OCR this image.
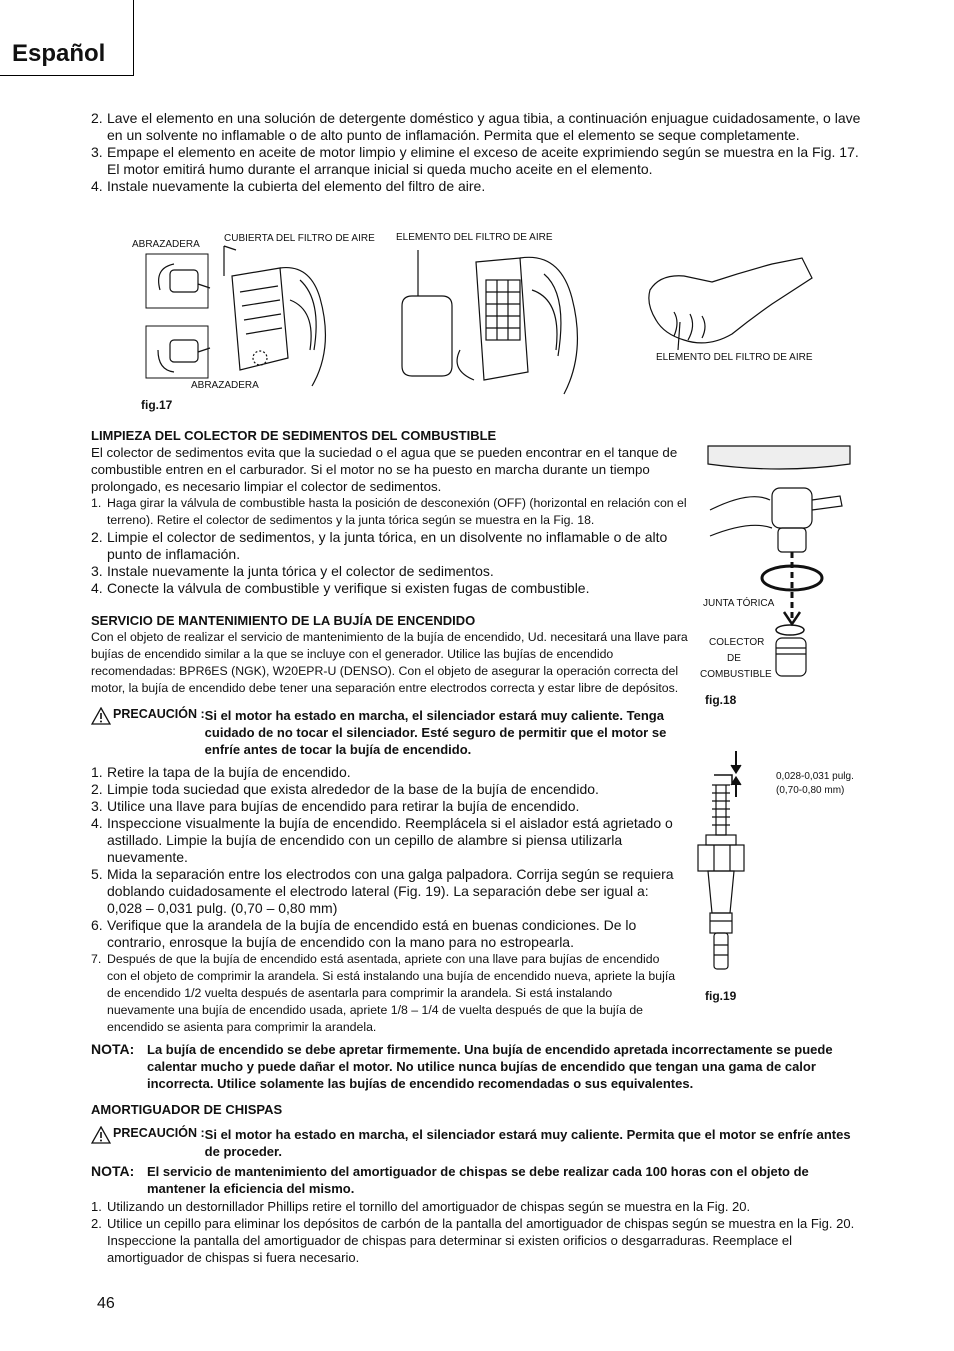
Español
2. Lave el elemento en una solución de detergente doméstico y agua tibia, a continuación enjuague cuidadosamente, o lave en un solvente no inflamable o de alto punto de inflamación. Permita que el elemento se seque completamente.
3. Empape el elemento en aceite de motor limpio y elimine el exceso de aceite exprimiendo según se muestra en la Fig. 17. El motor emitirá humo durante el arranque inicial si queda mucho aceite en el elemento.
4. Instale nuevamente la cubierta del elemento del filtro de aire.
ABRAZADERA
CUBIERTA DEL FILTRO DE AIRE ELEMENTO DEL FILTRO DE AIRE
ABRAZADERA
ELEMENTO DEL FILTRO DE AIRE
fig.17
LIMPIEZA DEL COLECTOR DE SEDIMENTOS DEL COMBUSTIBLE
El colector de sedimentos evita que la suciedad o el agua que se pueden encontrar en el tanque de combustible entren en el carburador. Si el motor no se ha puesto en marcha durante un tiempo prolongado, es necesario limpiar el colector de sedimentos.
1. Haga girar la válvula de combustible hasta la posición de desconexión (OFF) (horizontal en relación con el terreno). Retire el colector de sedimentos y la junta tórica según se muestra en la Fig. 18.
2. Limpie el colector de sedimentos, y la junta tórica, en un disolvente no inflamable o de alto punto de inflamación.
3. Instale nuevamente la junta tórica y el colector de sedimentos.
4. Conecte la válvula de combustible y verifique si existen fugas de combustible.
JUNTA TÓRICA
COLECTOR
DE
COMBUSTIBLE
fig.18
SERVICIO DE MANTENIMIENTO DE LA BUJÍA DE ENCENDIDO
Con el objeto de realizar el servicio de mantenimiento de la bujía de encendido, Ud. necesitará una llave para bujías de encendido similar a la que se incluye con el generador. Utilice las bujías de encendido recomendadas: BPR6ES (NGK), W20EPR-U (DENSO). Con el objeto de asegurar la operación correcta del motor, la bujía de encendido debe tener una separación entre electrodos correcta y estar libre de depósitos.
PRECAUCIÓN : Si el motor ha estado en marcha, el silenciador estará muy caliente. Tenga cuidado de no tocar el silenciador. Esté seguro de permitir que el motor se enfríe antes de tocar la bujía de encendido.
1. Retire la tapa de la bujía de encendido.
2. Limpie toda suciedad que exista alrededor de la base de la bujía de encendido.
3. Utilice una llave para bujías de encendido para retirar la bujía de encendido.
4. Inspeccione visualmente la bujía de encendido. Reemplácela si el aislador está agrietado o astillado. Limpie la bujía de encendido con un cepillo de alambre si piensa utilizarla nuevamente.
5. Mida la separación entre los electrodos con una galga palpadora. Corrija según se requiera doblando cuidadosamente el electrodo lateral (Fig. 19). La separación debe ser igual a: 0,028 – 0,031 pulg. (0,70 – 0,80 mm)
6. Verifique que la arandela de la bujía de encendido está en buenas condiciones. De lo contrario, enrosque la bujía de encendido con la mano para no estropearla.
7. Después de que la bujía de encendido está asentada, apriete con una llave para bujías de encendido con el objeto de comprimir la arandela. Si está instalando una bujía de encendido nueva, apriete la bujía de encendido 1/2 vuelta después de asentarla para comprimir la arandela. Si está instalando nuevamente una bujía de encendido usada, apriete 1/8 – 1/4 de vuelta después de que la bujía de encendido se asienta para comprimir la arandela.
0,028-0,031 pulg.
(0,70-0,80 mm)
fig.19
NOTA: La bujía de encendido se debe apretar firmemente. Una bujía de encendido apretada incorrectamente se puede calentar mucho y puede dañar el motor. No utilice nunca bujías de encendido que tengan una gama de calor incorrecta. Utilice solamente las bujías de encendido recomendadas o sus equivalentes.
AMORTIGUADOR DE CHISPAS
PRECAUCIÓN : Si el motor ha estado en marcha, el silenciador estará muy caliente. Permita que el motor se enfríe antes de proceder.
NOTA: El servicio de mantenimiento del amortiguador de chispas se debe realizar cada 100 horas con el objeto de mantener la eficiencia del mismo.
1. Utilizando un destornillador Phillips retire el tornillo del amortiguador de chispas según se muestra en la Fig. 20.
2. Utilice un cepillo para eliminar los depósitos de carbón de la pantalla del amortiguador de chispas según se muestra en la Fig. 20. Inspeccione la pantalla del amortiguador de chispas para determinar si existen orificios o desgarraduras. Reemplace el amortiguador de chispas si fuera necesario.
46
